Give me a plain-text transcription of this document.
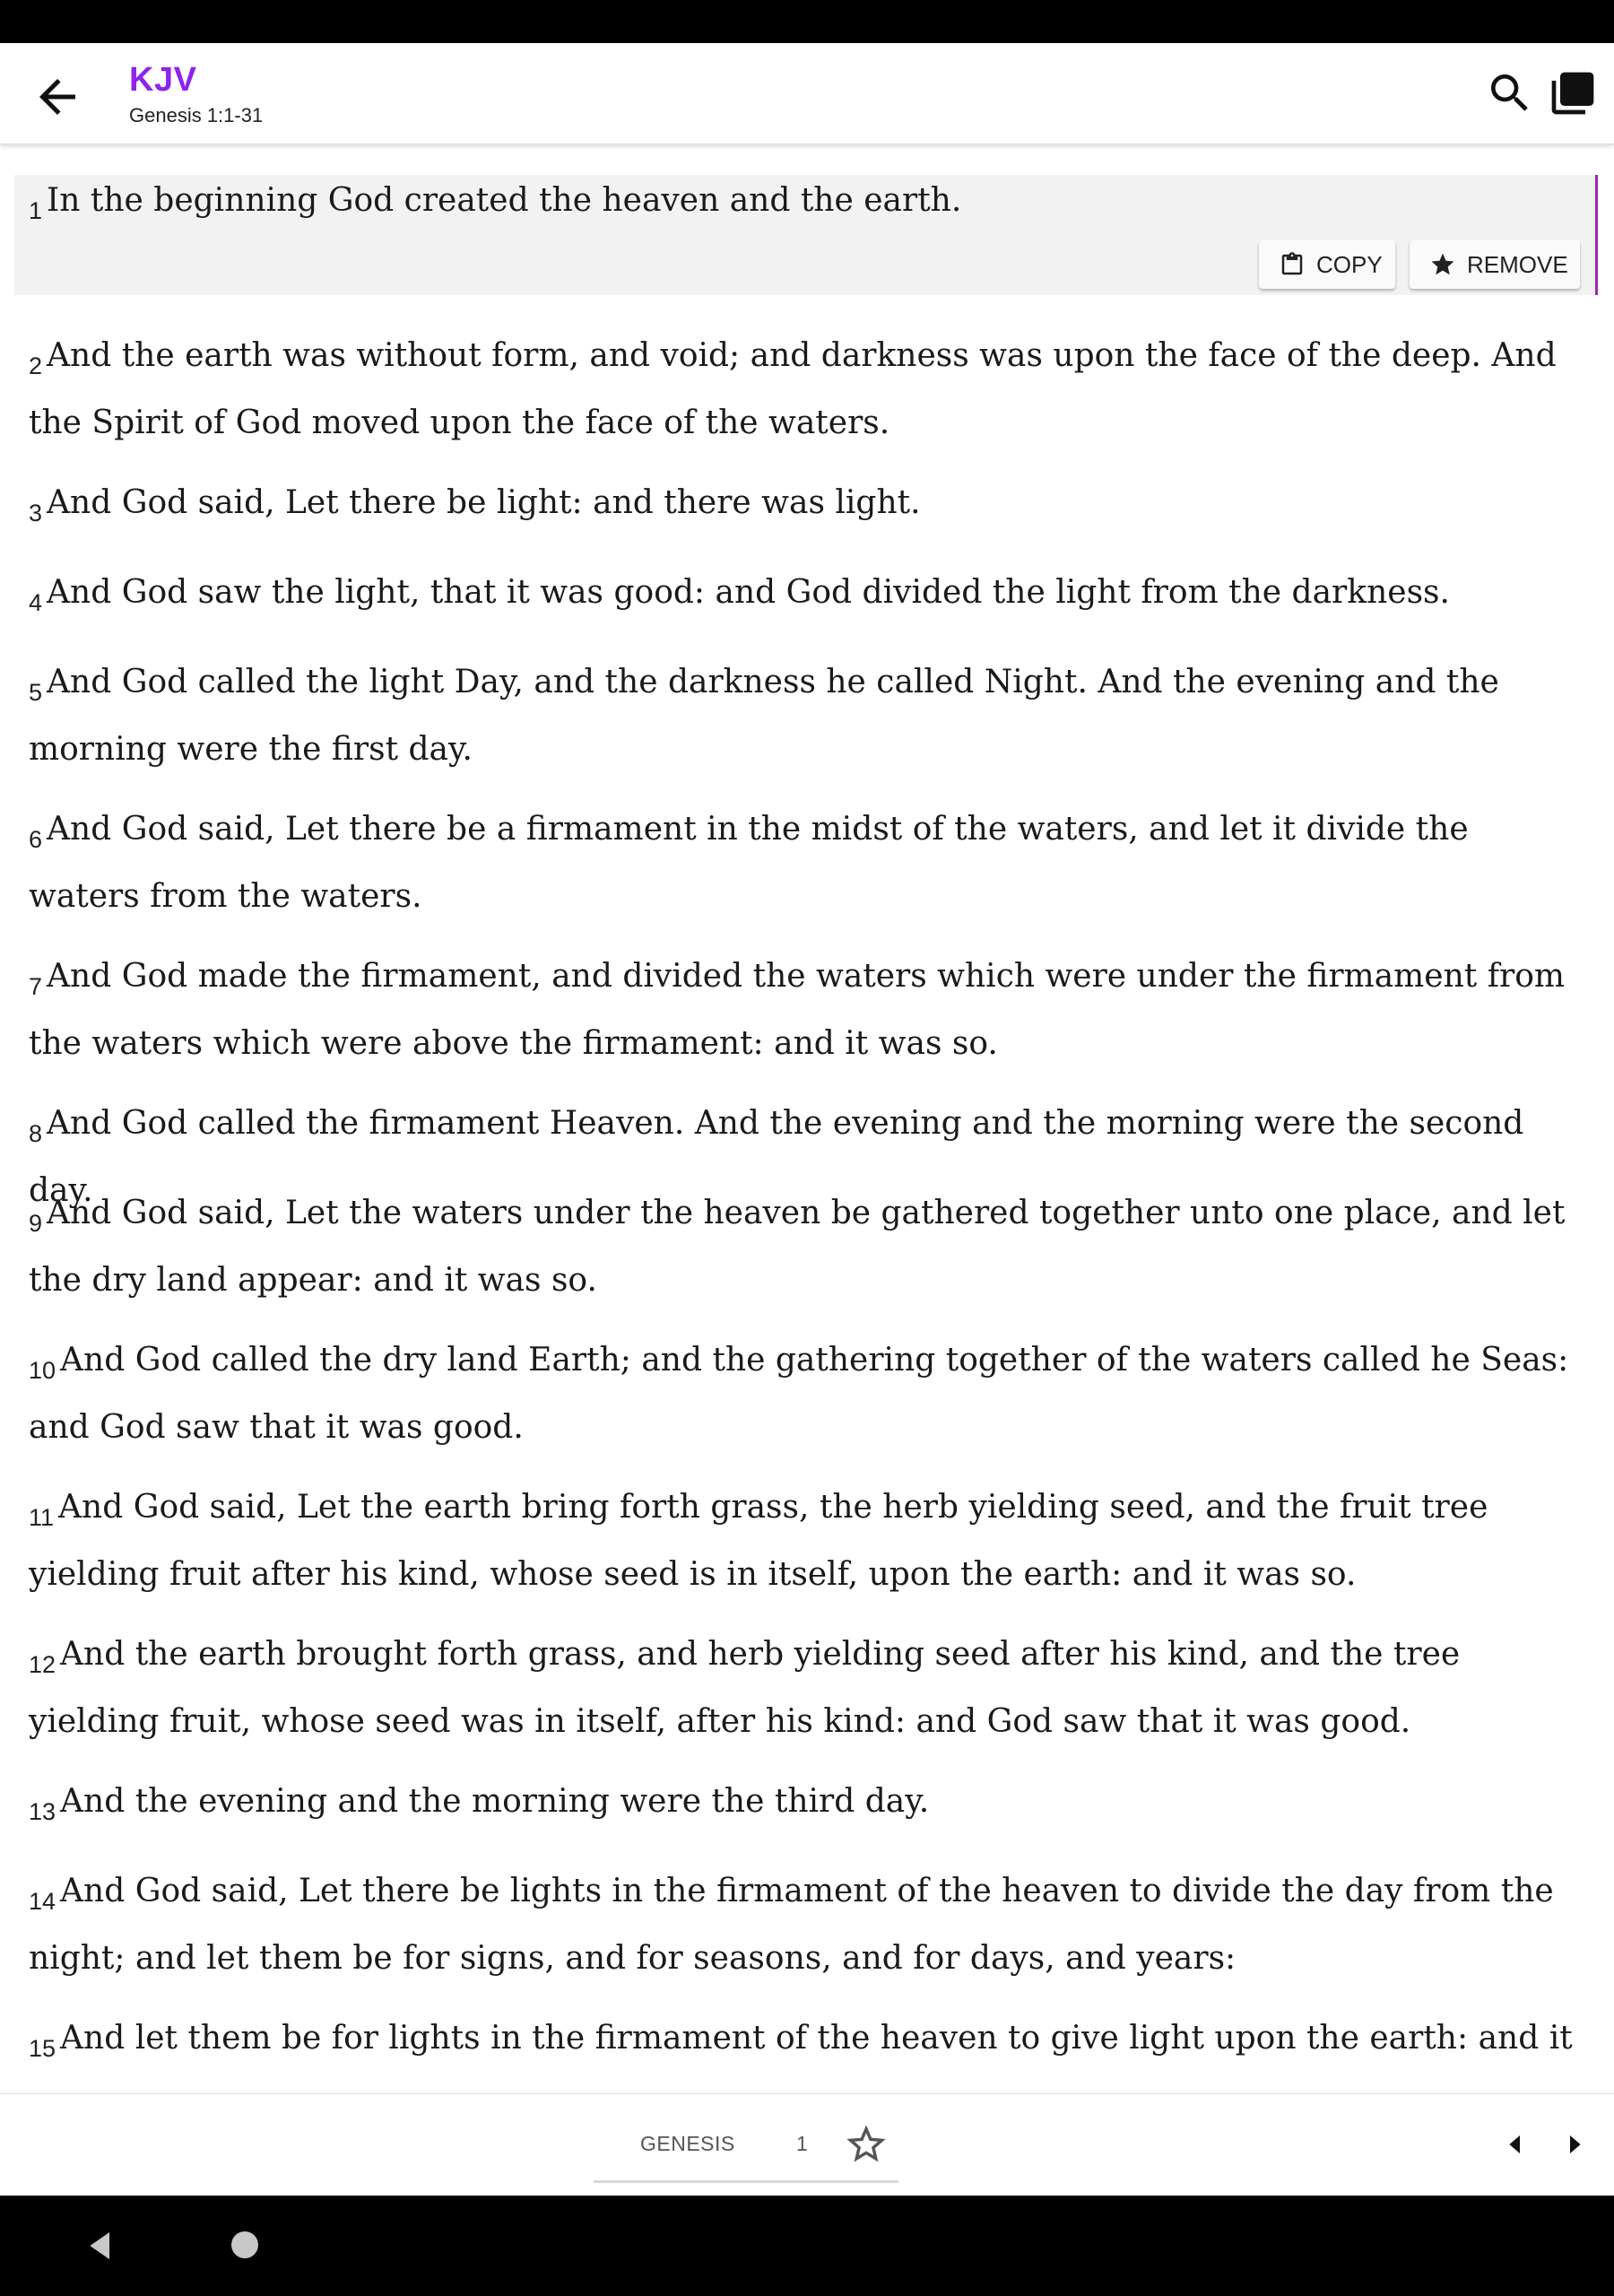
KJV
Genesis 1:1-31
$_1$ In the beginning God created the heaven and the earth.
COPY	REMOVE
$_2$ And the earth was without form, and void; and darkness was upon the face of the deep. And the Spirit of God moved upon the face of the waters.
$_3$ And God said, Let there be light: and there was light.
$_4$ And God saw the light, that it was good: and God divided the light from the darkness.
$_5$ And God called the light Day, and the darkness he called Night. And the evening and the morning were the first day.
$_6$ And God said, Let there be a firmament in the midst of the waters, and let it divide the waters from the waters.
$_7$ And God made the firmament, and divided the waters which were under the firmament from the waters which were above the firmament: and it was so.
$_8$ And God called the firmament Heaven. And the evening and the morning were the second day.
$_9$ And God said, Let the waters under the heaven be gathered together unto one place, and let the dry land appear: and it was so.
$_{10}$ And God called the dry land Earth; and the gathering together of the waters called he Seas: and God saw that it was good.
$_{11}$ And God said, Let the earth bring forth grass, the herb yielding seed, and the fruit tree yielding fruit after his kind, whose seed is in itself, upon the earth: and it was so.
$_{12}$ And the earth brought forth grass, and herb yielding seed after his kind, and the tree yielding fruit, whose seed was in itself, after his kind: and God saw that it was good.
$_{13}$ And the evening and the morning were the third day.
$_{14}$ And God said, Let there be lights in the firmament of the heaven to divide the day from the night; and let them be for signs, and for seasons, and for days, and years:
$_{15}$ And let them be for lights in the firmament of the heaven to give light upon the earth: and it
GENESIS	1
